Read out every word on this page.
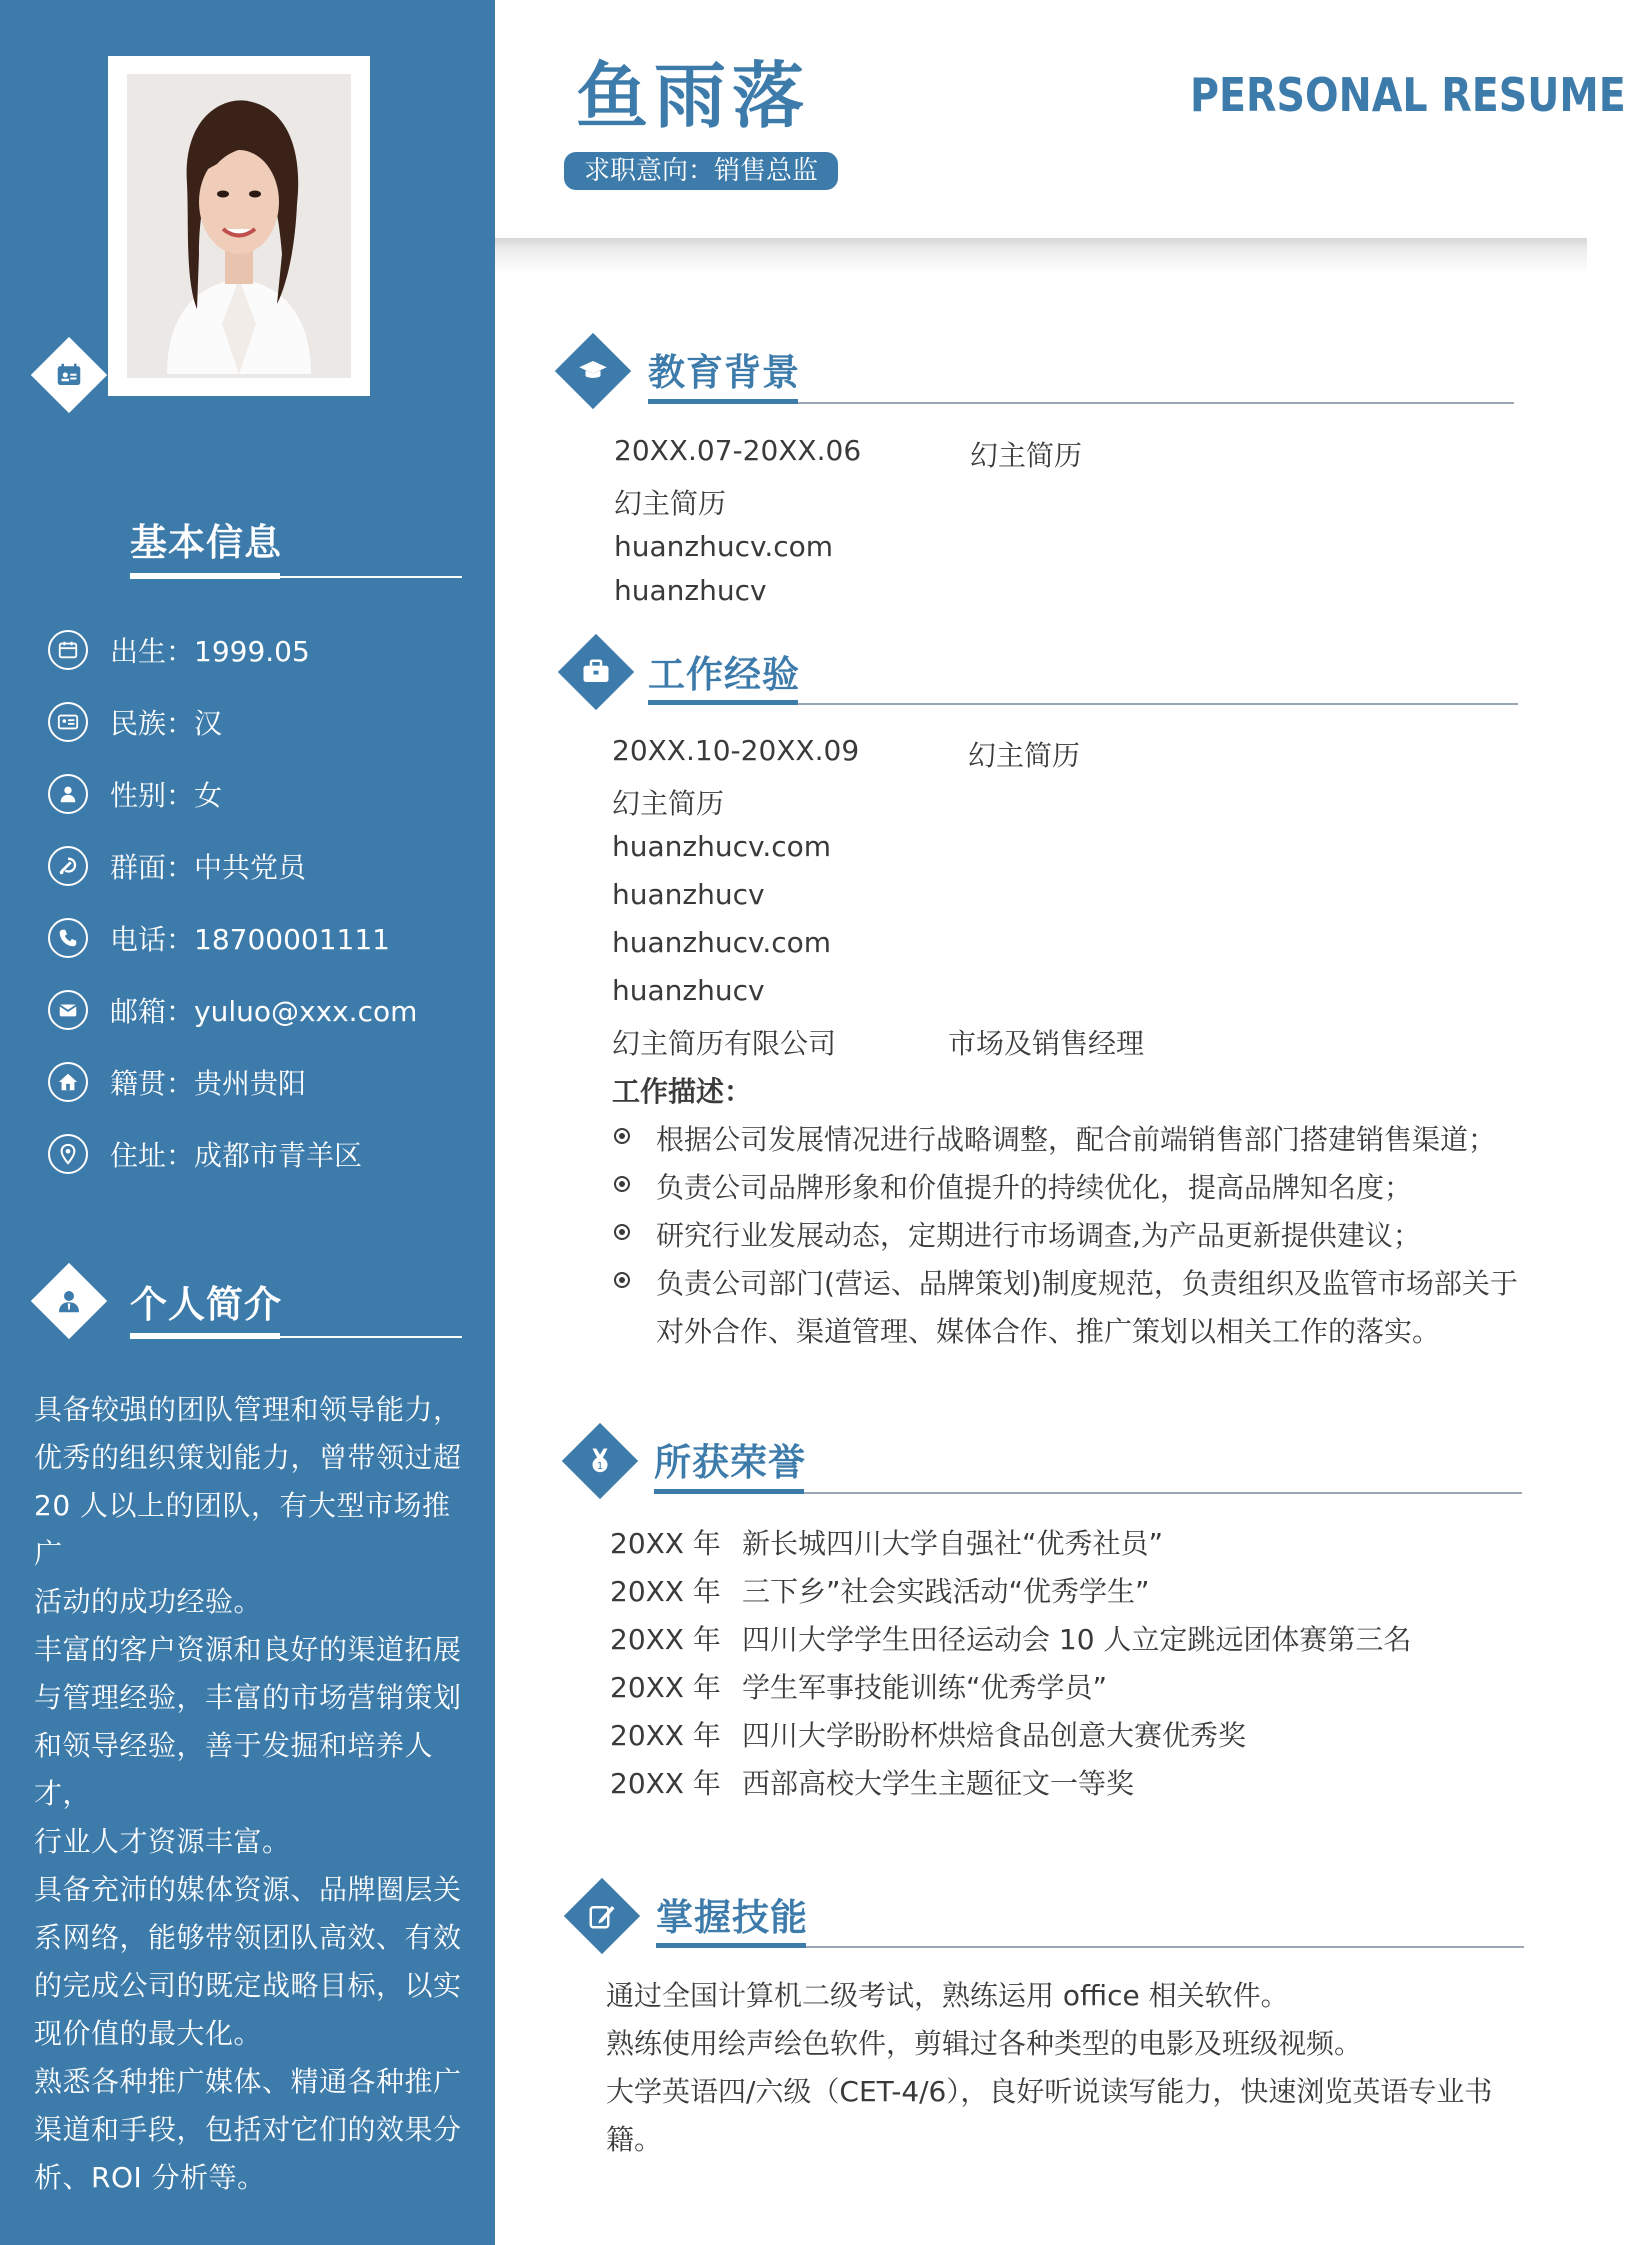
基本信息
出生：1999.05
民族：汉
性别：女
群面：中共党员
电话：18700001111
邮箱：yuluo@xxx.com
籍贯：贵州贵阳
住址：成都市青羊区
个人简介

具备较强的团队管理和领导能力，

优秀的组织策划能力，曾带领过超

20 人以上的团队，有大型市场推广

活动的成功经验。

丰富的客户资源和良好的渠道拓展

与管理经验，丰富的市场营销策划

和领导经验，善于发掘和培养人才，

行业人才资源丰富。

具备充沛的媒体资源、品牌圈层关

系网络，能够带领团队高效、有效

的完成公司的既定战略目标，以实

现价值的最大化。

熟悉各种推广媒体、精通各种推广

渠道和手段，包括对它们的效果分

析、ROI 分析等。

鱼雨落
求职意向：销售总监
PERSONAL RESUME
教育背景
20XX.07-20XX.06	幻主简历
幻主简历
huanzhucv.com
huanzhucv
工作经验
20XX.10-20XX.09	幻主简历
幻主简历
huanzhucv.com
huanzhucv
huanzhucv.com
huanzhucv
幻主简历有限公司	市场及销售经理
工作描述：
根据公司发展情况进行战略调整，配合前端销售部门搭建销售渠道；
负责公司品牌形象和价值提升的持续优化，提高品牌知名度；
研究行业发展动态，定期进行市场调查,为产品更新提供建议；
负责公司部门(营运、品牌策划)制度规范，负责组织及监管市场部关于
对外合作、渠道管理、媒体合作、推广策划以相关工作的落实。
1 所获荣誉
20XX 年 新长城四川大学自强社“优秀社员”
20XX 年 三下乡”社会实践活动“优秀学生”
20XX 年 四川大学学生田径运动会 10 人立定跳远团体赛第三名
20XX 年 学生军事技能训练“优秀学员”
20XX 年 四川大学盼盼杯烘焙食品创意大赛优秀奖
20XX 年 西部高校大学生主题征文一等奖
掌握技能
通过全国计算机二级考试，熟练运用 office 相关软件。
熟练使用绘声绘色软件，剪辑过各种类型的电影及班级视频。
大学英语四/六级（CET-4/6），良好听说读写能力，快速浏览英语专业书
籍。
